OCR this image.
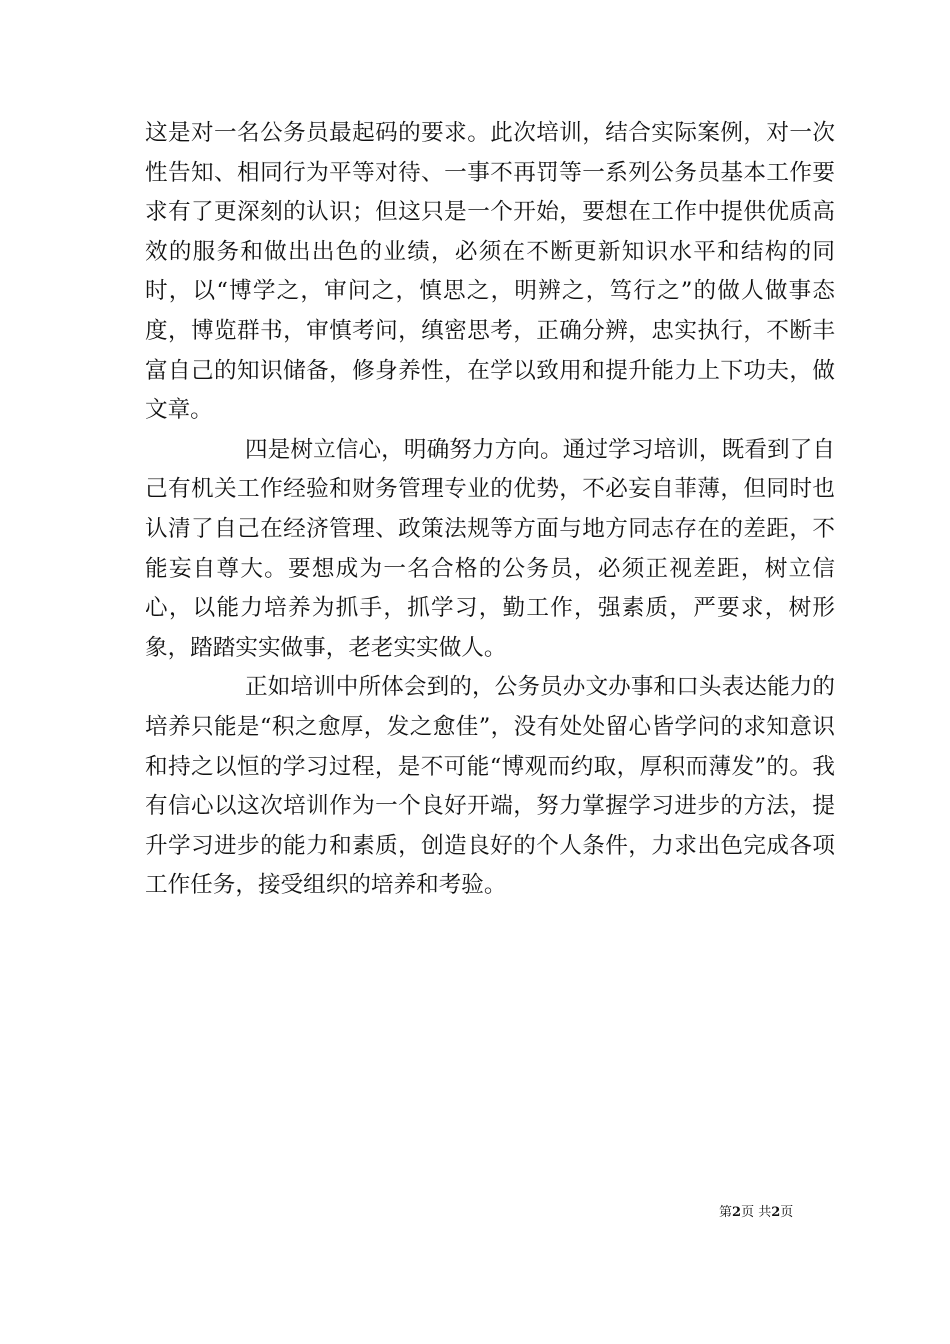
这是对一名公务员最起码的要求。此次培训，结合实际案例，对一次性告知、相同行为平等对待、一事不再罚等一系列公务员基本工作要求有了更深刻的认识；但这只是一个开始，要想在工作中提供优质高效的服务和做出出色的业绩，必须在不断更新知识水平和结构的同时，以“博学之，审问之，慎思之，明辨之，笃行之”的做人做事态度，博览群书，审慎考问，缜密思考，正确分辨，忠实执行，不断丰富自己的知识储备，修身养性，在学以致用和提升能力上下功夫，做文章。

四是树立信心，明确努力方向。通过学习培训，既看到了自己有机关工作经验和财务管理专业的优势，不必妄自菲薄，但同时也认清了自己在经济管理、政策法规等方面与地方同志存在的差距，不能妄自尊大。要想成为一名合格的公务员，必须正视差距，树立信心，以能力培养为抓手，抓学习，勤工作，强素质，严要求，树形象，踏踏实实做事，老老实实做人。

正如培训中所体会到的，公务员办文办事和口头表达能力的培养只能是“积之愈厚，发之愈佳”，没有处处留心皆学问的求知意识和持之以恒的学习过程，是不可能“博观而约取，厚积而薄发”的。我有信心以这次培训作为一个良好开端，努力掌握学习进步的方法，提升学习进步的能力和素质，创造良好的个人条件，力求出色完成各项工作任务，接受组织的培养和考验。

第2页 共2页
